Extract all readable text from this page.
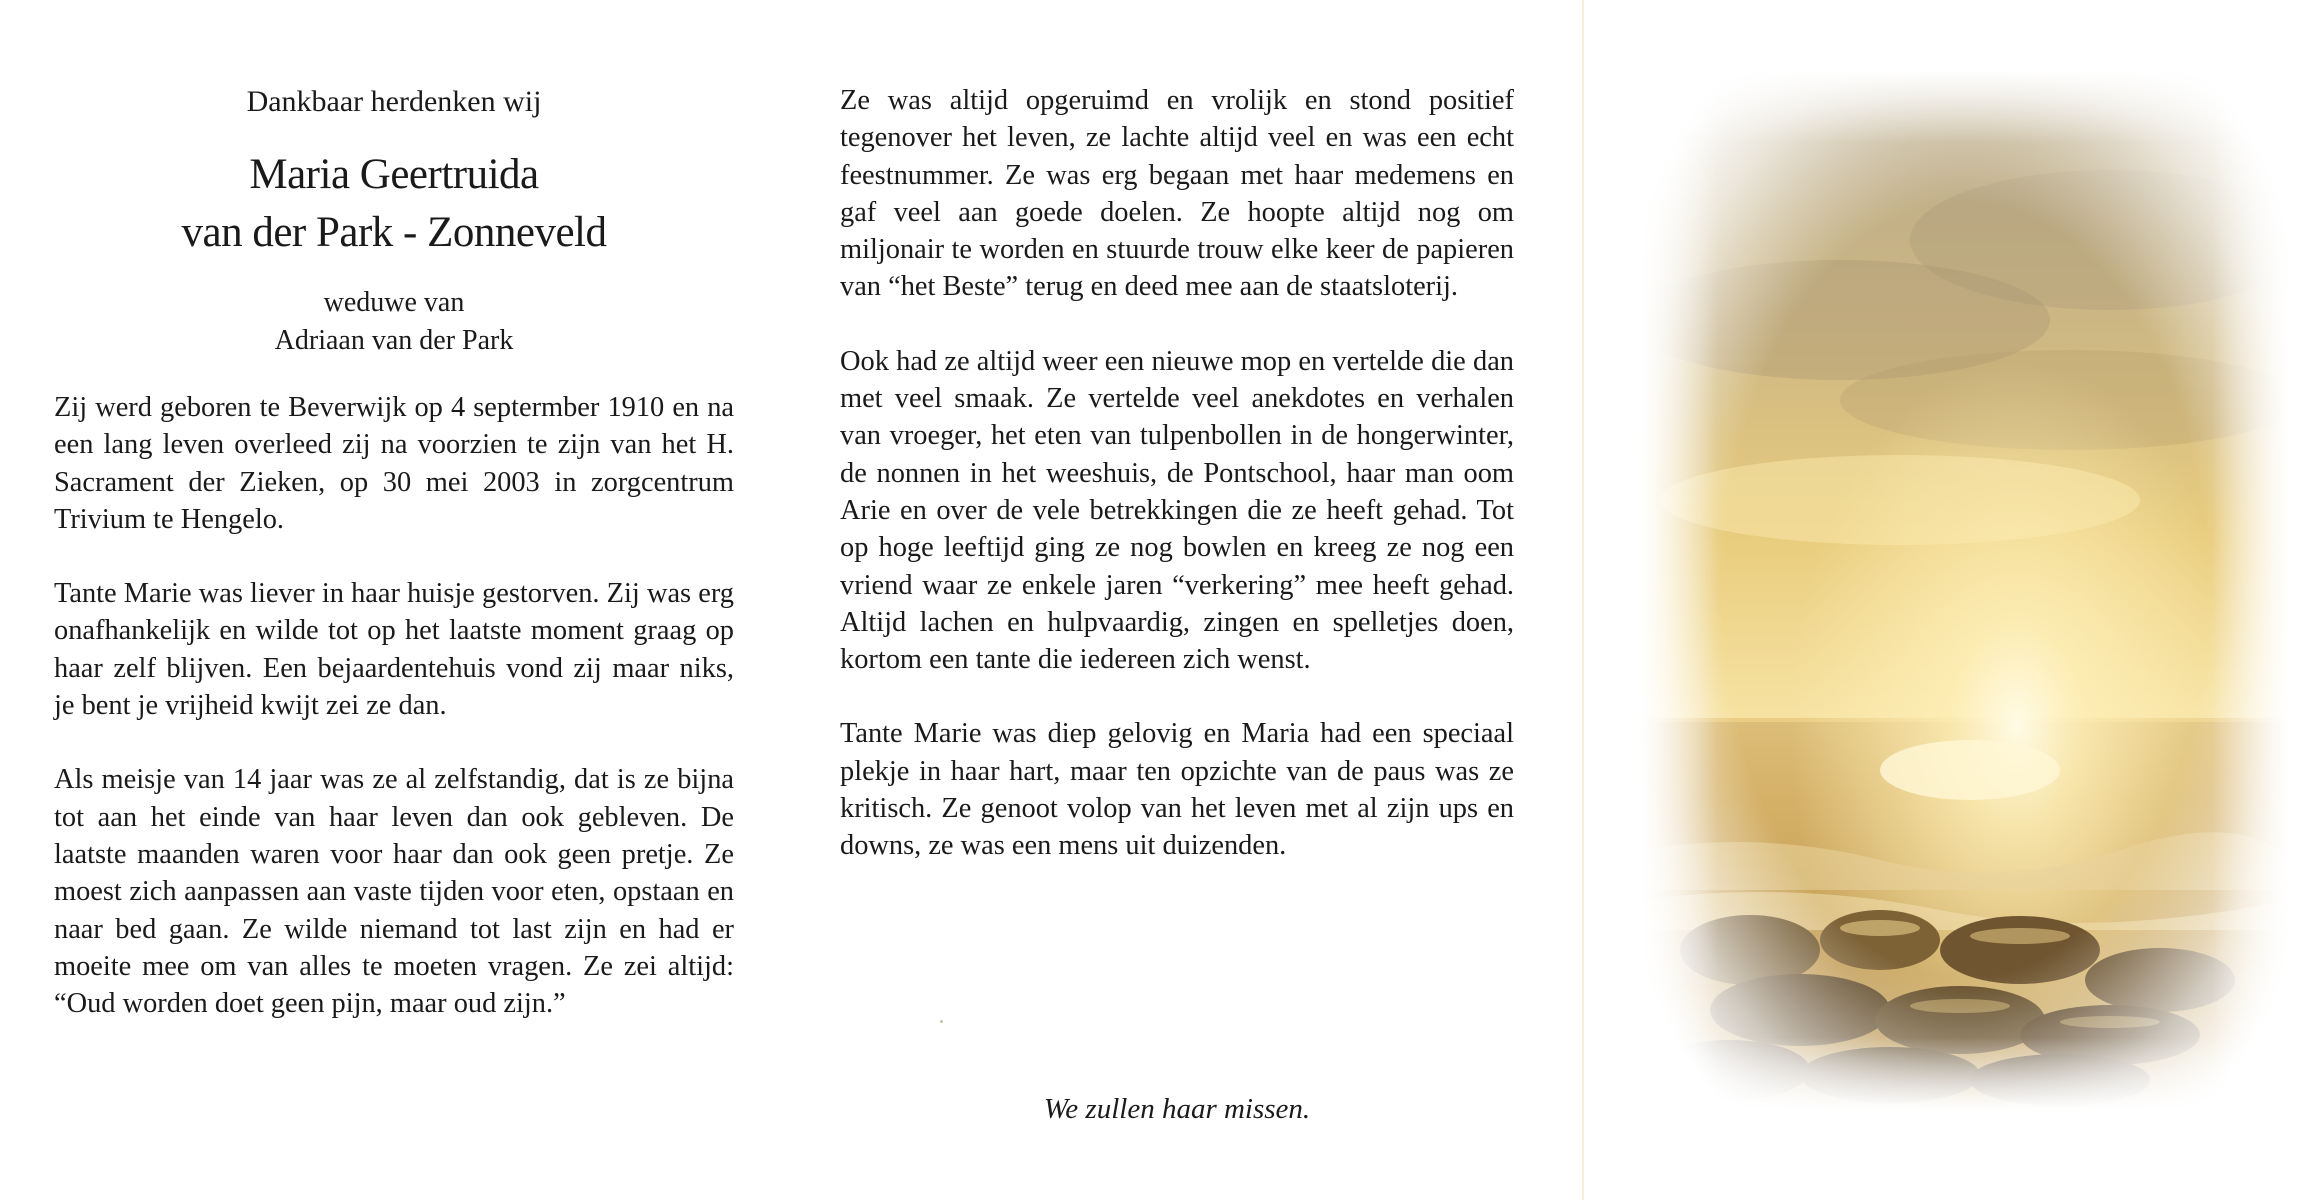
Dankbaar herdenken wij

Maria Geertruida
van der Park - Zonneveld
weduwe van
Adriaan van der Park

Zij werd geboren te Beverwijk op 4 septermber 1910 en na een lang leven overleed zij na voorzien te zijn van het H. Sacrament der Zieken, op 30 mei 2003 in zorgcentrum Trivium te Hengelo.

Tante Marie was liever in haar huisje gestorven. Zij was erg onafhankelijk en wilde tot op het laatste moment graag op haar zelf blijven. Een bejaardentehuis vond zij maar niks, je bent je vrijheid kwijt zei ze dan.

Als meisje van 14 jaar was ze al zelfstandig, dat is ze bijna tot aan het einde van haar leven dan ook gebleven. De laatste maanden waren voor haar dan ook geen pretje. Ze moest zich aanpassen aan vaste tijden voor eten, opstaan en naar bed gaan. Ze wilde niemand tot last zijn en had er moeite mee om van alles te moeten vragen. Ze zei altijd: “Oud worden doet geen pijn, maar oud zijn.”

Ze was altijd opgeruimd en vrolijk en stond positief tegenover het leven, ze lachte altijd veel en was een echt feestnummer. Ze was erg begaan met haar medemens en gaf veel aan goede doelen. Ze hoopte altijd nog om miljonair te worden en stuurde trouw elke keer de papieren van “het Beste” terug en deed mee aan de staatsloterij.

Ook had ze altijd weer een nieuwe mop en vertelde die dan met veel smaak. Ze vertelde veel anekdotes en verhalen van vroeger, het eten van tulpenbollen in de hongerwinter, de nonnen in het weeshuis, de Pontschool, haar man oom Arie en over de vele betrekkingen die ze heeft gehad. Tot op hoge leeftijd ging ze nog bowlen en kreeg ze nog een vriend waar ze enkele jaren “verkering” mee heeft gehad. Altijd lachen en hulpvaardig, zingen en spelletjes doen, kortom een tante die iedereen zich wenst.

Tante Marie was diep gelovig en Maria had een speciaal plekje in haar hart, maar ten opzichte van de paus was ze kritisch. Ze genoot volop van het leven met al zijn ups en downs, ze was een mens uit duizenden.

We zullen haar missen.
